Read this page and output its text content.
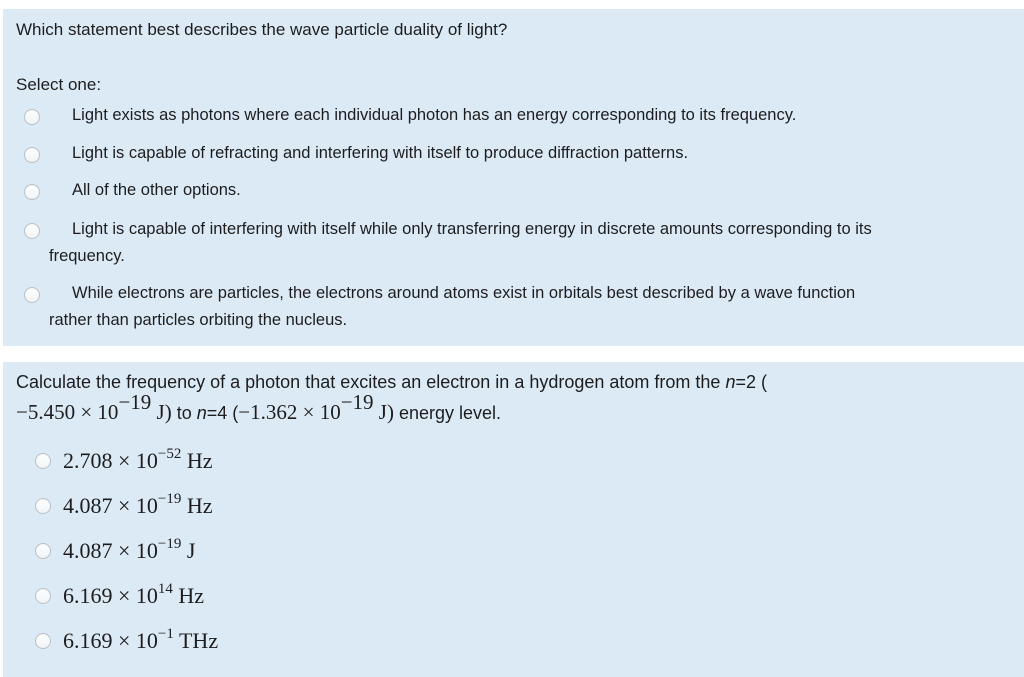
Which statement best describes the wave particle duality of light?
Select one:
Light exists as photons where each individual photon has an energy corresponding to its frequency.
Light is capable of refracting and interfering with itself to produce diffraction patterns.
All of the other options.
Light is capable of interfering with itself while only transferring energy in discrete amounts corresponding to its
frequency.
While electrons are particles, the electrons around atoms exist in orbitals best described by a wave function
rather than particles orbiting the nucleus.
Calculate the frequency of a photon that excites an electron in a hydrogen atom from the n=2 (
$-5.450 \times 10^{-19}$ J) to n=4 ($-1.362 \times 10^{-19}$ J) energy level.
$2.708 \times 10^{-52}$ Hz
$4.087 \times 10^{-19}$ Hz
$4.087 \times 10^{-19}$ J
$6.169 \times 10^{14}$ Hz
$6.169 \times 10^{-1}$ THz
